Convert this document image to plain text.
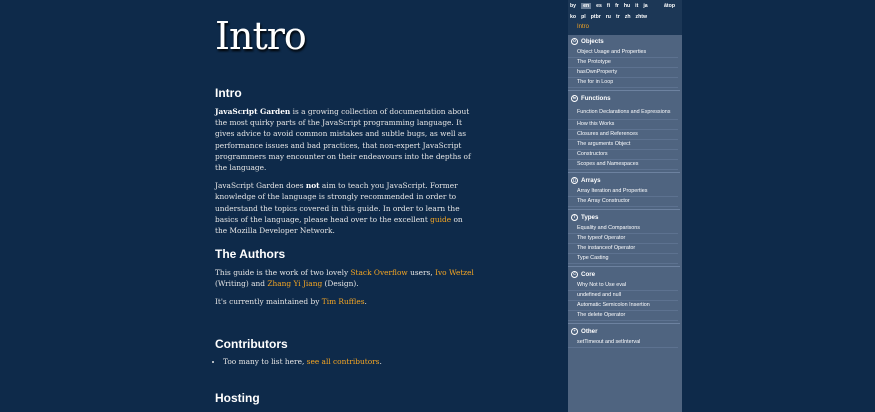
Intro
Intro

JavaScript Garden is a growing collection of documentation about the most quirky parts of the JavaScript programming language. It gives advice to avoid common mistakes and subtle bugs, as well as performance issues and bad practices, that non-expert JavaScript programmers may encounter on their endeavours into the depths of the language.

JavaScript Garden does not aim to teach you JavaScript. Former knowledge of the language is strongly recommended in order to understand the topics covered in this guide. In order to learn the basics of the language, please head over to the excellent guide on the Mozilla Developer Network.

The Authors

This guide is the work of two lovely Stack Overflow users, Ivo Wetzel (Writing) and Zhang Yi Jiang (Design).

It's currently maintained by Tim Ruffles.

Contributors
• Too many to list here, see all contributors.
Hosting
by	en	es fi fr hu it ja	ātop
ko pl ptbr ru tr zh zhtw
Intro
O Objects
Object Usage and Properties
The Prototype
hasOwnProperty
The for in Loop
fn Functions
Function Declarations and Expressions
How this Works
Closures and References
The arguments Object
Constructors
Scopes and Namespaces
[] Arrays
Array Iteration and Properties
The Array Constructor
T Types
Equality and Comparisons
The typeof Operator
The instanceof Operator
Type Casting
C Core
Why Not to Use eval
undefined and null
Automatic Semicolon Insertion
The delete Operator
+ Other
setTimeout and setInterval
